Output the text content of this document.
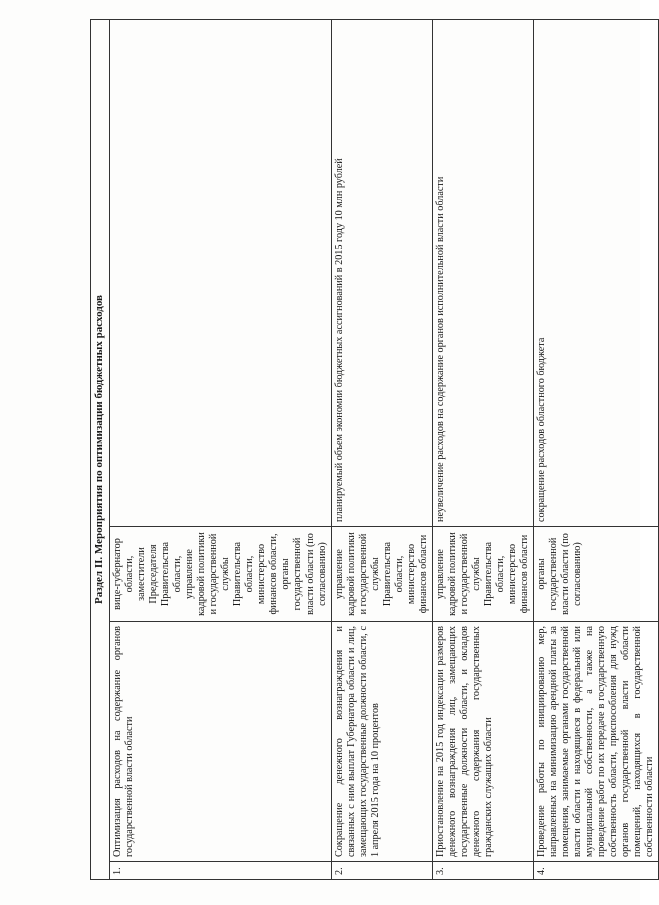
Раздел II. Мероприятия по оптимизации бюджетных расходов			
1.	Оптимизация расходов на содержание органов государственной власти области	вице-губернатор области, заместители Председателя Правительства области, управление кадровой политики и государственной службы Правительства области, министерство финансов области, органы государственной власти области (по согласованию)	
2.	Сокращение денежного вознаграждения и связанных с ним выплат Губернатора области и лиц, замещающих государственные должности области, с 1 апреля 2015 года на 10 процентов	управление кадровой политики и государственной службы Правительства области, министерство финансов области	планируемый объем экономии бюджетных ассигнований в 2015 году 10 млн рублей
3.	Приостановление на 2015 год индексации размеров денежного вознаграждения лиц, замещающих государственные должности области, и окладов денежного содержания государственных гражданских служащих области	управление кадровой политики и государственной службы Правительства области, министерство финансов области	неувеличение расходов на содержание органов исполнительной власти области
4.	Проведение работы по инициированию мер, направленных на минимизацию арендной платы за помещения, занимаемые органами государственной власти области и находящиеся в федеральной или муниципальной собственности, а также на проведение работ по их передаче в государственную собственность области, приспособления для нужд органов государственной власти области помещений, находящихся в государственной собственности области	органы государственной власти области (по согласованию)	сокращение расходов областного бюджета
